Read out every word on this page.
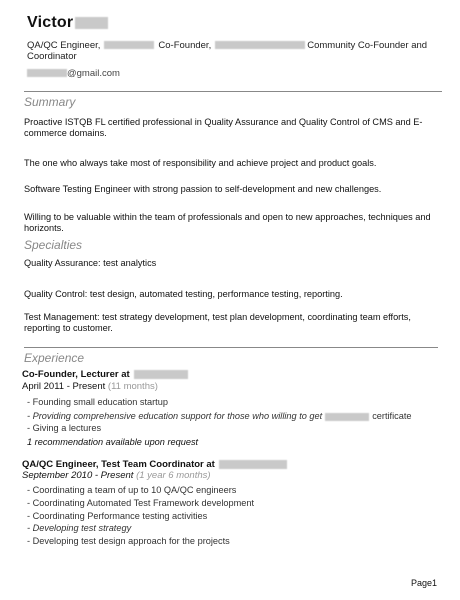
Victor
QA/QC Engineer,	Co-Founder,	Community Co-Founder and
Coordinator
@gmail.com
Summary
Proactive ISTQB FL certified professional in Quality Assurance and Quality Control of CMS and E-commerce domains.
The one who always take most of responsibility and achieve project and product goals.
Software Testing Engineer with strong passion to self-development and new challenges.
Willing to be valuable within the team of professionals and open to new approaches, techniques and horizonts.
Specialties
Quality Assurance: test analytics
Quality Control: test design, automated testing, performance testing, reporting.
Test Management: test strategy development, test plan development, coordinating team efforts, reporting to customer.
Experience
Co-Founder, Lecturer at
April 2011 - Present (11 months)
- Founding small education startup
- Providing comprehensive education support for those who willing to get	certificate
- Giving a lectures
1 recommendation available upon request
QA/QC Engineer, Test Team Coordinator at
September 2010 - Present (1 year 6 months)
- Coordinating a team of up to 10 QA/QC engineers
- Coordinating Automated Test Framework development
- Coordinating Performance testing activities
- Developing test strategy
- Developing test design approach for the projects
Page1
